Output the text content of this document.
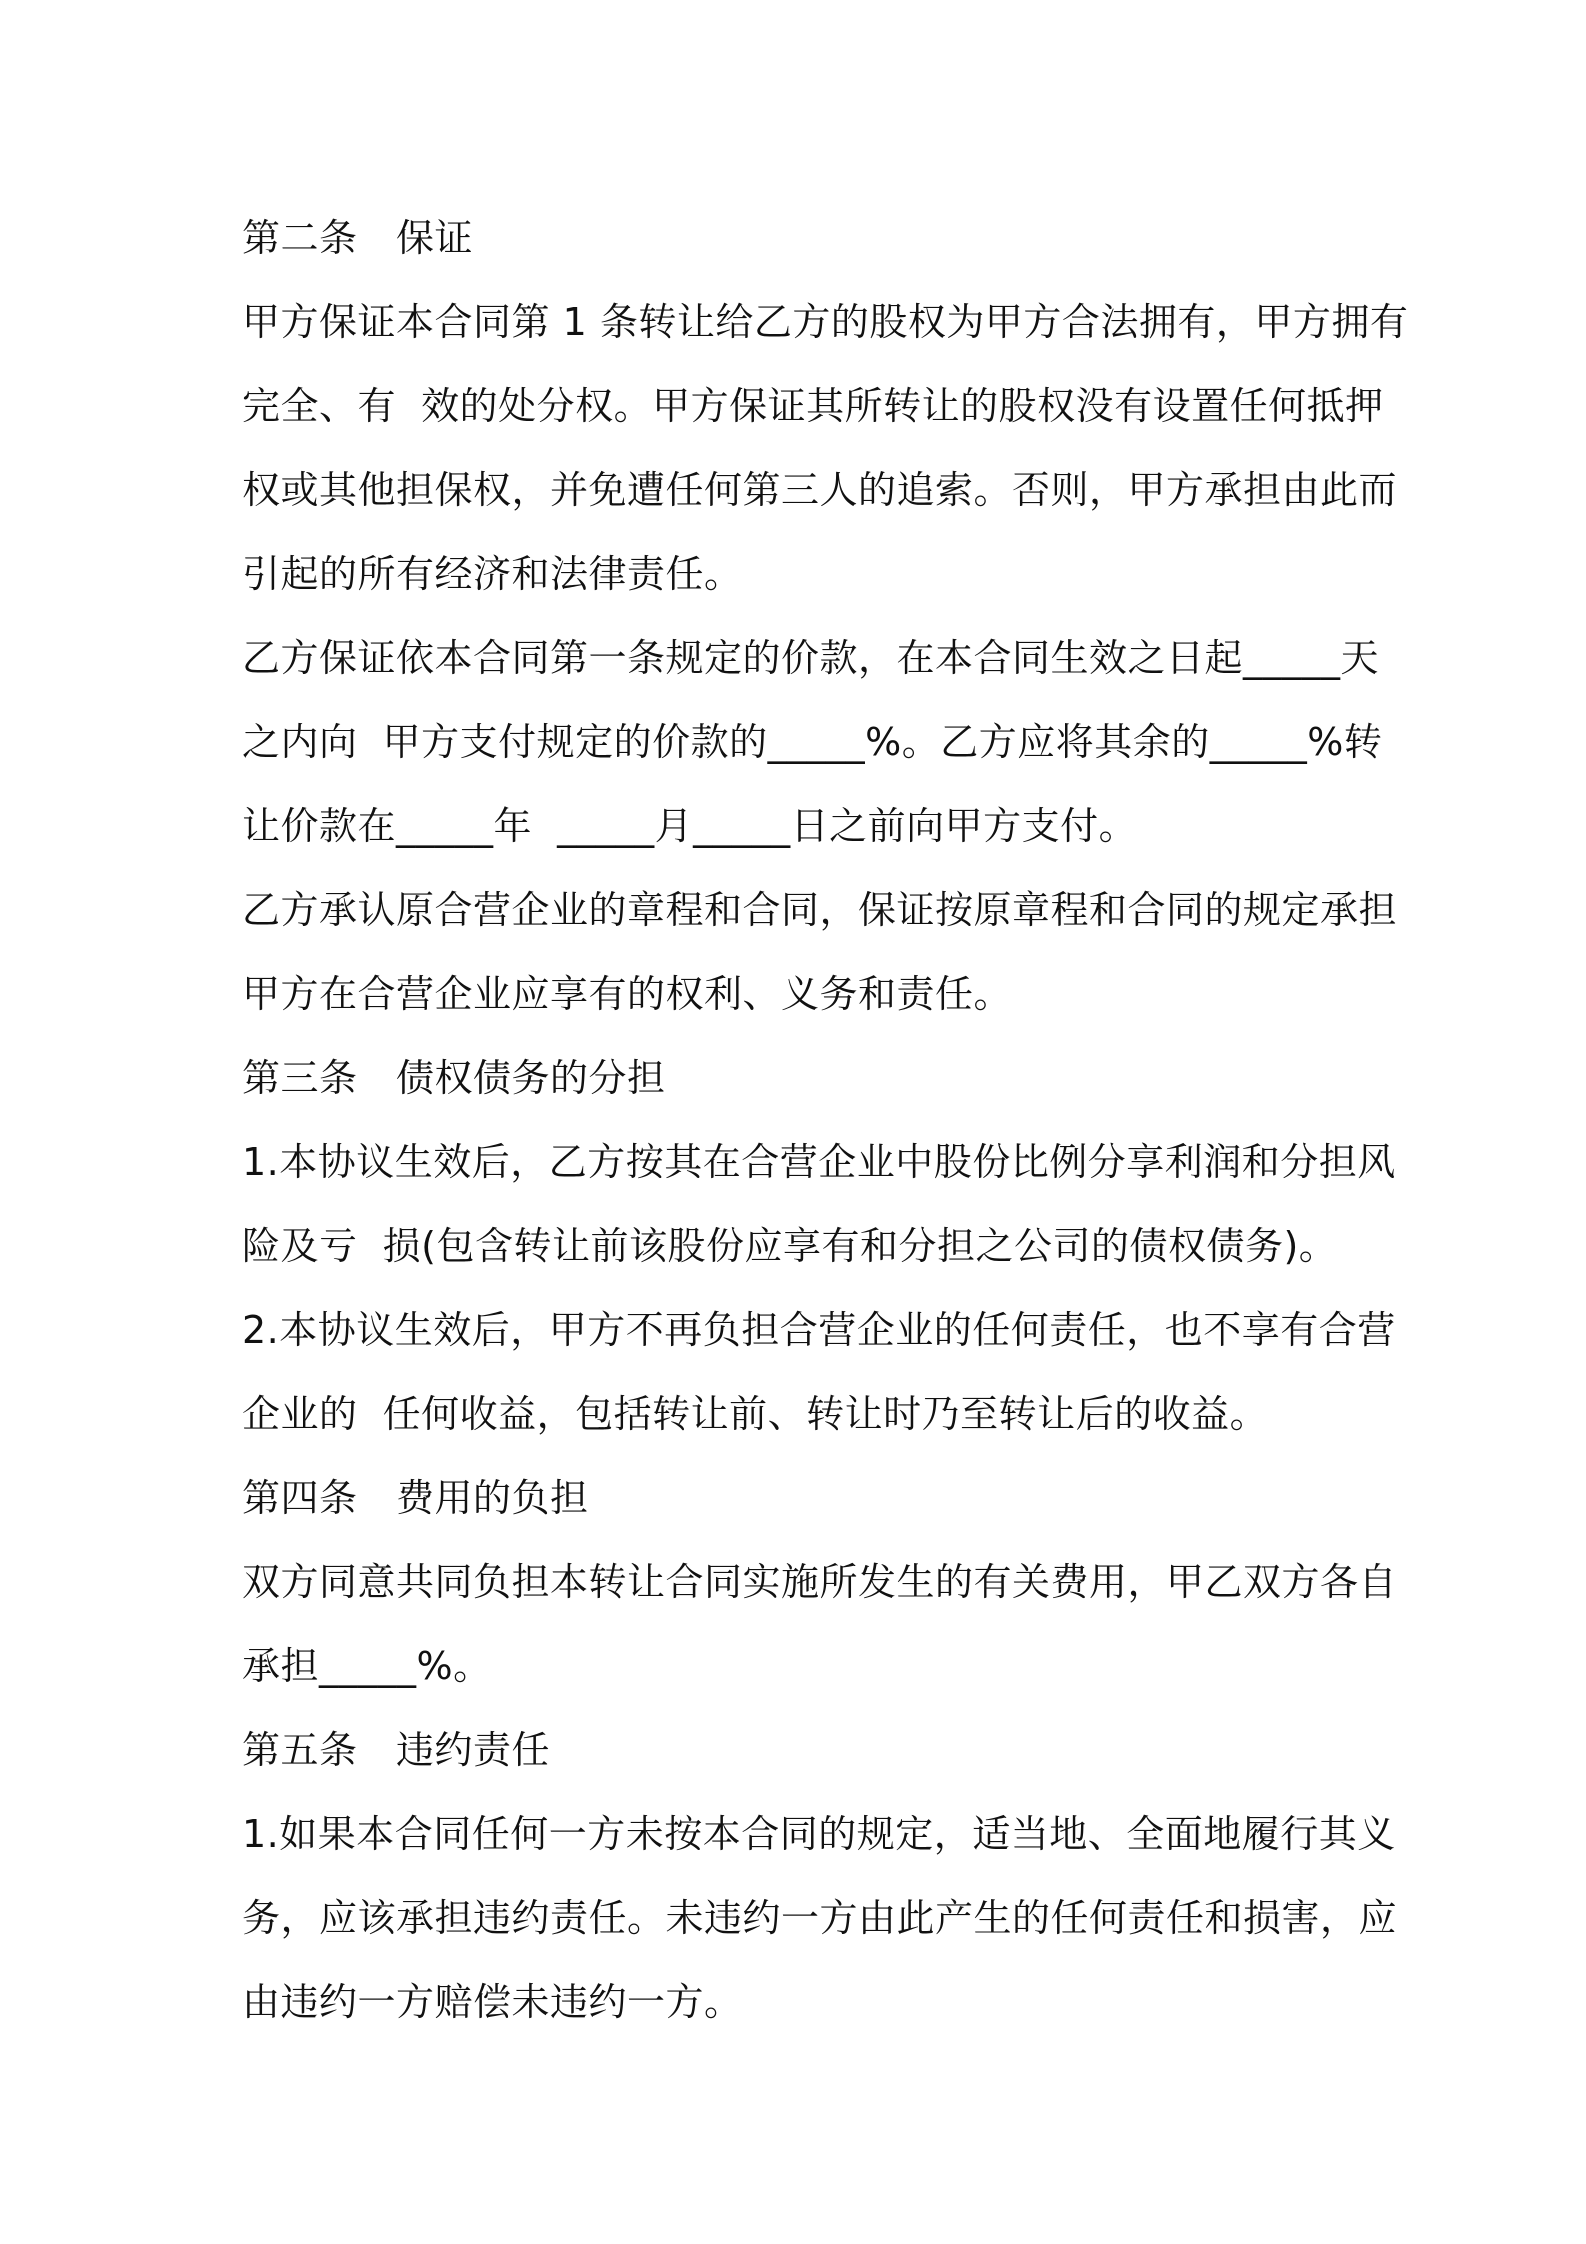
第二条　保证

甲方保证本合同第 1 条转让给乙方的股权为甲方合法拥有，甲方拥有

完全、有  效的处分权。甲方保证其所转让的股权没有设置任何抵押

权或其他担保权，并免遭任何第三人的追索。否则，甲方承担由此而

引起的所有经济和法律责任。

乙方保证依本合同第一条规定的价款，在本合同生效之日起_____天

之内向  甲方支付规定的价款的_____%。乙方应将其余的_____%转

让价款在_____年  _____月_____日之前向甲方支付。

乙方承认原合营企业的章程和合同，保证按原章程和合同的规定承担

甲方在合营企业应享有的权利、义务和责任。

第三条　债权债务的分担

1.本协议生效后，乙方按其在合营企业中股份比例分享利润和分担风

险及亏  损(包含转让前该股份应享有和分担之公司的债权债务)。

2.本协议生效后，甲方不再负担合营企业的任何责任，也不享有合营

企业的  任何收益，包括转让前、转让时乃至转让后的收益。

第四条　费用的负担

双方同意共同负担本转让合同实施所发生的有关费用，甲乙双方各自

承担_____%。

第五条　违约责任

1.如果本合同任何一方未按本合同的规定，适当地、全面地履行其义

务，应该承担违约责任。未违约一方由此产生的任何责任和损害，应

由违约一方赔偿未违约一方。
